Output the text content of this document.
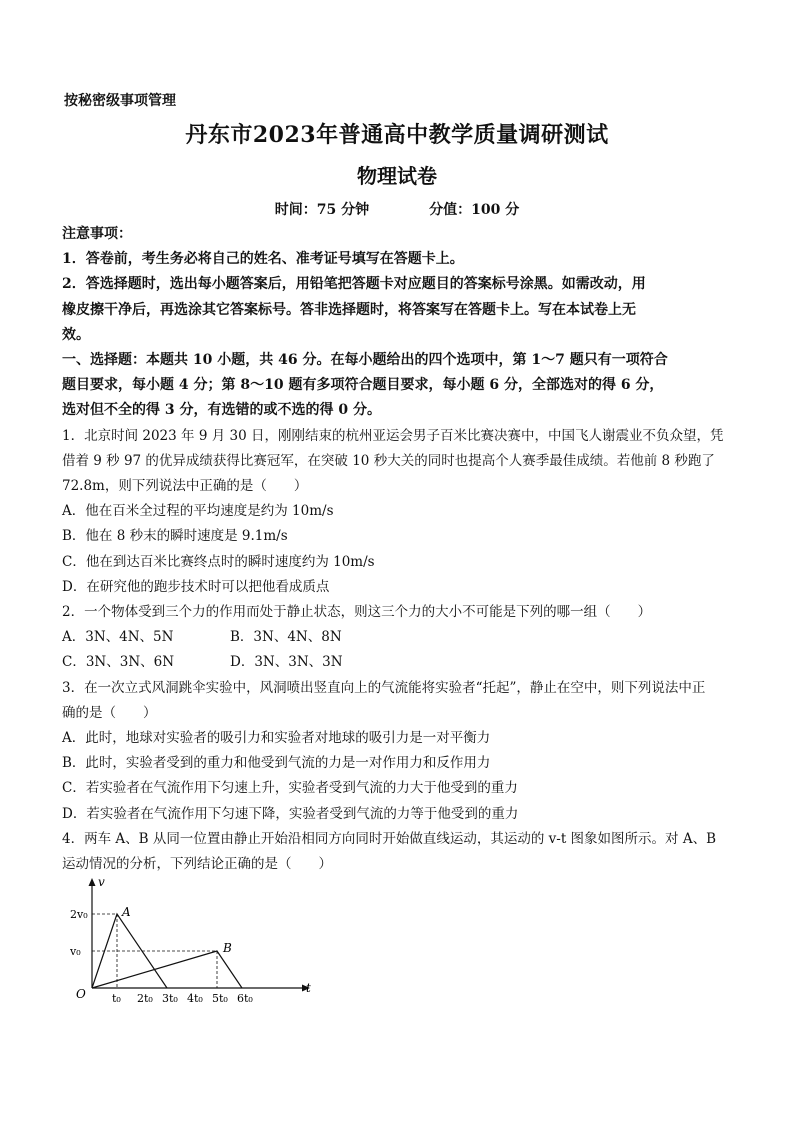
按秘密级事项管理
丹东市2023年普通高中教学质量调研测试
物理试卷
时间：75 分钟	分值：100 分

注意事项：

1．答卷前，考生务必将自己的姓名、准考证号填写在答题卡上。

2．答选择题时，选出每小题答案后，用铅笔把答题卡对应题目的答案标号涂黑。如需改动，用

橡皮擦干净后，再选涂其它答案标号。答非选择题时，将答案写在答题卡上。写在本试卷上无

效。

一、选择题：本题共 10 小题，共 46 分。在每小题给出的四个选项中，第 1～7 题只有一项符合

题目要求，每小题 4 分；第 8～10 题有多项符合题目要求，每小题 6 分，全部选对的得 6 分，

选对但不全的得 3 分，有选错的或不选的得 0 分。

1．北京时间 2023 年 9 月 30 日，刚刚结束的杭州亚运会男子百米比赛决赛中，中国飞人谢震业不负众望，凭

借着 9 秒 97 的优异成绩获得比赛冠军，在突破 10 秒大关的同时也提高个人赛季最佳成绩。若他前 8 秒跑了

72.8m，则下列说法中正确的是（　　）

A．他在百米全过程的平均速度是约为 10m/s

B．他在 8 秒末的瞬时速度是 9.1m/s

C．他在到达百米比赛终点时的瞬时速度约为 10m/s

D．在研究他的跑步技术时可以把他看成质点

2．一个物体受到三个力的作用而处于静止状态，则这三个力的大小不可能是下列的哪一组（　　）

A．3N、4N、5N	B．3N、4N、8N

C．3N、3N、6N	D．3N、3N、3N

3．在一次立式风洞跳伞实验中，风洞喷出竖直向上的气流能将实验者“托起”，静止在空中，则下列说法中正

确的是（　　）

A．此时，地球对实验者的吸引力和实验者对地球的吸引力是一对平衡力

B．此时，实验者受到的重力和他受到气流的力是一对作用力和反作用力

C．若实验者在气流作用下匀速上升，实验者受到气流的力大于他受到的重力

D．若实验者在气流作用下匀速下降，实验者受到气流的力等于他受到的重力

4．两车 A、B 从同一位置由静止开始沿相同方向同时开始做直线运动，其运动的 v-t 图象如图所示。对 A、B

运动情况的分析，下列结论正确的是（　　）

v
t
O t₀ 2t₀ 3t₀ 4t₀ 5t₀ 6t₀
2v₀
v₀
A
B
